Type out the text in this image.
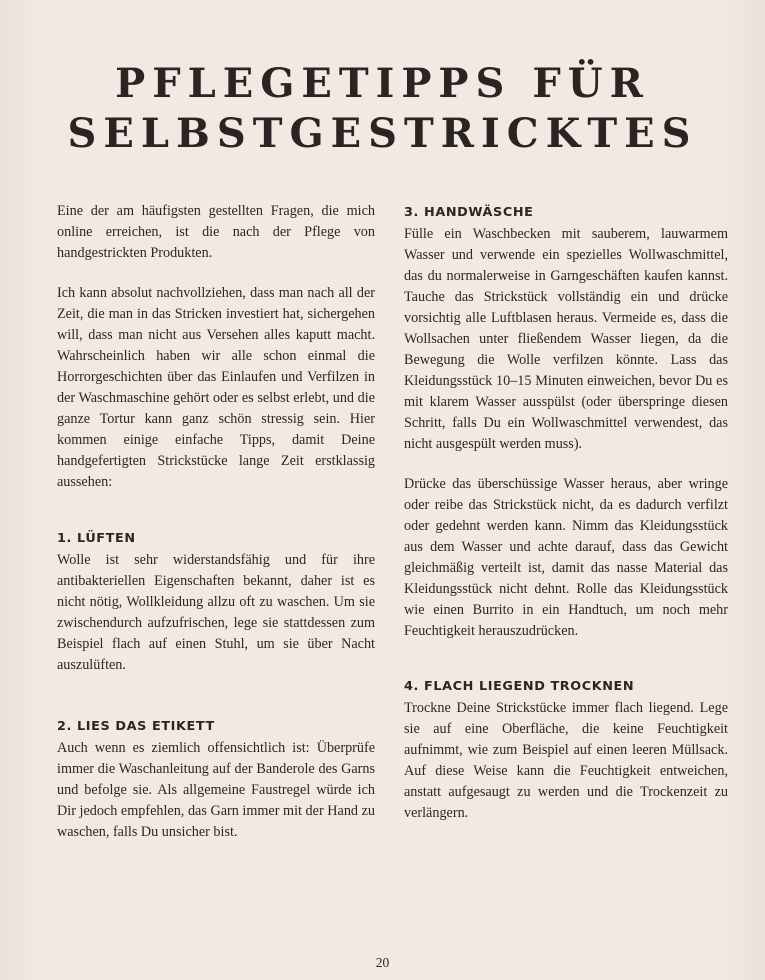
PFLEGETIPPS FÜR
SELBSTGESTRICKTES

Eine der am häufigsten gestellten Fragen, die mich online erreichen, ist die nach der Pflege von handgestrickten Produkten.

Ich kann absolut nachvollziehen, dass man nach all der Zeit, die man in das Stricken investiert hat, sichergehen will, dass man nicht aus Versehen alles kaputt macht. Wahrscheinlich haben wir alle schon einmal die Horrorgeschichten über das Einlaufen und Verfilzen in der Waschmaschine gehört oder es selbst erlebt, und die ganze Tortur kann ganz schön stressig sein. Hier kommen einige einfache Tipps, damit Deine handgefertigten Strickstücke lange Zeit erstklassig aussehen:

1. LÜFTEN

Wolle ist sehr widerstandsfähig und für ihre antibakteriellen Eigenschaften bekannt, daher ist es nicht nötig, Wollkleidung allzu oft zu waschen. Um sie zwischendurch aufzufrischen, lege sie stattdessen zum Beispiel flach auf einen Stuhl, um sie über Nacht auszulüften.

2. LIES DAS ETIKETT

Auch wenn es ziemlich offensichtlich ist: Überprüfe immer die Waschanleitung auf der Banderole des Garns und befolge sie. Als allgemeine Faustregel würde ich Dir jedoch empfehlen, das Garn immer mit der Hand zu waschen, falls Du unsicher bist.

3. HANDWÄSCHE

Fülle ein Waschbecken mit sauberem, lauwarmem Wasser und verwende ein spezielles Wollwaschmittel, das du normalerweise in Garngeschäften kaufen kannst. Tauche das Strickstück vollständig ein und drücke vorsichtig alle Luftblasen heraus. Vermeide es, dass die Wollsachen unter fließendem Wasser liegen, da die Bewegung die Wolle verfilzen könnte. Lass das Kleidungsstück 10–15 Minuten einweichen, bevor Du es mit klarem Wasser ausspülst (oder überspringe diesen Schritt, falls Du ein Wollwaschmittel verwendest, das nicht ausgespült werden muss).

Drücke das überschüssige Wasser heraus, aber wringe oder reibe das Strickstück nicht, da es dadurch verfilzt oder gedehnt werden kann. Nimm das Kleidungsstück aus dem Wasser und achte darauf, dass das Gewicht gleichmäßig verteilt ist, damit das nasse Material das Kleidungsstück nicht dehnt. Rolle das Kleidungsstück wie einen Burrito in ein Handtuch, um noch mehr Feuchtigkeit herauszudrücken.

4. FLACH LIEGEND TROCKNEN

Trockne Deine Strickstücke immer flach liegend. Lege sie auf eine Oberfläche, die keine Feuchtigkeit aufnimmt, wie zum Beispiel auf einen leeren Müllsack. Auf diese Weise kann die Feuchtigkeit entweichen, anstatt aufgesaugt zu werden und die Trockenzeit zu verlängern.

20
